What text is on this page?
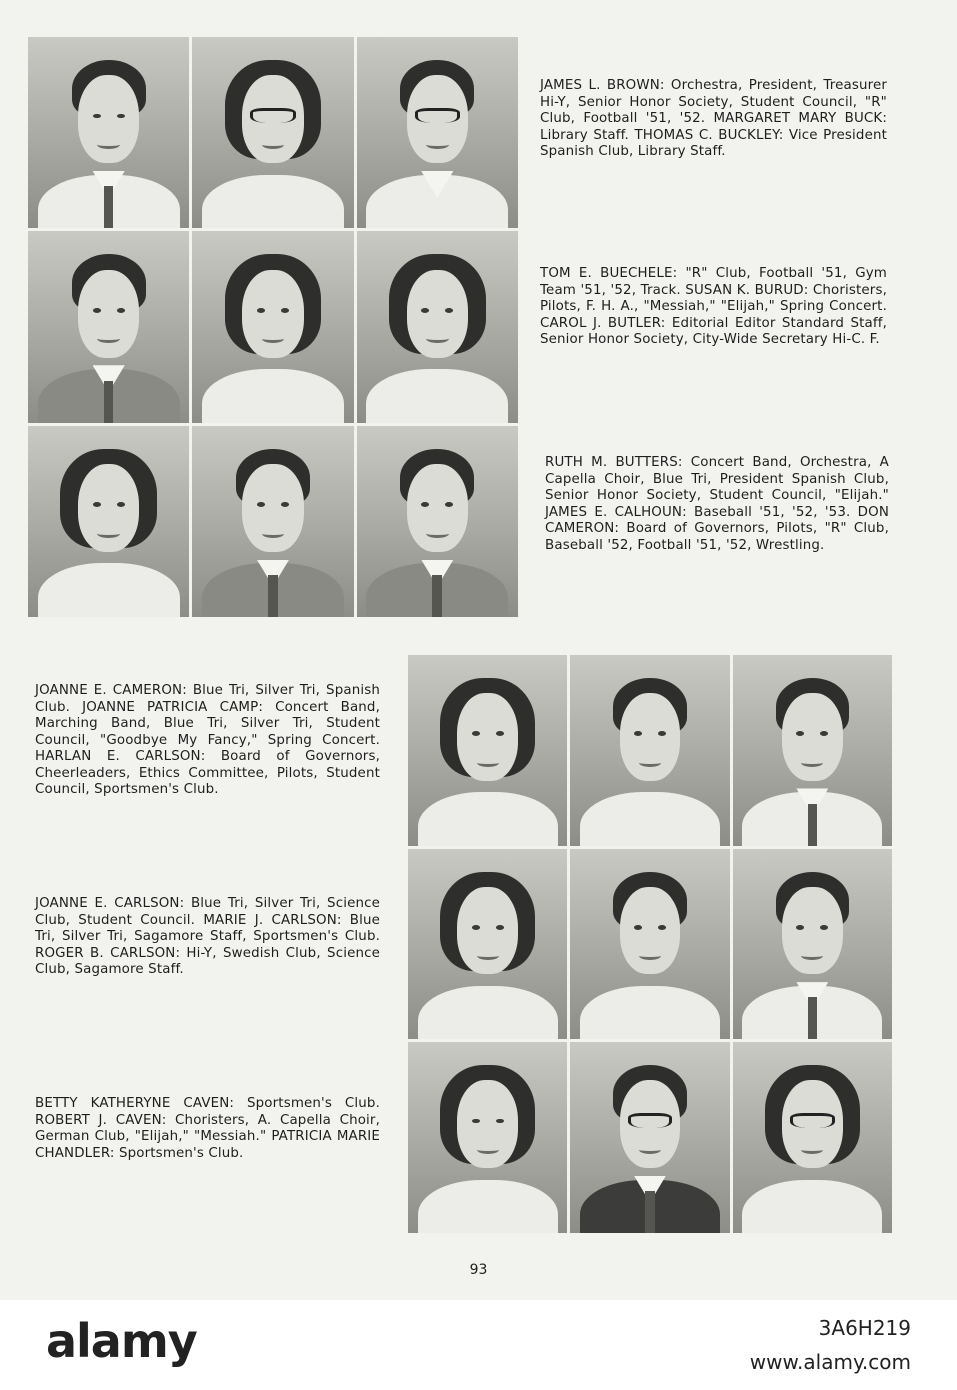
JAMES L. BROWN: Orchestra, President, Treasurer Hi-Y, Senior Honor Society, Student Council, "R" Club, Football '51, '52. MARGARET MARY BUCK: Library Staff. THOMAS C. BUCKLEY: Vice President Spanish Club, Library Staff.

TOM E. BUECHELE: "R" Club, Football '51, Gym Team '51, '52, Track. SUSAN K. BURUD: Choristers, Pilots, F. H. A., "Messiah," "Elijah," Spring Concert. CAROL J. BUTLER: Editorial Editor Standard Staff, Senior Honor Society, City-Wide Secretary Hi-C. F.

RUTH M. BUTTERS: Concert Band, Orchestra, A Capella Choir, Blue Tri, President Spanish Club, Senior Honor Society, Student Council, "Elijah." JAMES E. CALHOUN: Baseball '51, '52, '53. DON CAMERON: Board of Governors, Pilots, "R" Club, Baseball '52, Football '51, '52, Wrestling.

JOANNE E. CAMERON: Blue Tri, Silver Tri, Spanish Club. JOANNE PATRICIA CAMP: Concert Band, Marching Band, Blue Tri, Silver Tri, Student Council, "Goodbye My Fancy," Spring Concert. HARLAN E. CARLSON: Board of Governors, Cheerleaders, Ethics Committee, Pilots, Student Council, Sportsmen's Club.

JOANNE E. CARLSON: Blue Tri, Silver Tri, Science Club, Student Council. MARIE J. CARLSON: Blue Tri, Silver Tri, Sagamore Staff, Sportsmen's Club. ROGER B. CARLSON: Hi-Y, Swedish Club, Science Club, Sagamore Staff.

BETTY KATHERYNE CAVEN: Sportsmen's Club. ROBERT J. CAVEN: Choristers, A. Capella Choir, German Club, "Elijah," "Messiah." PATRICIA MARIE CHANDLER: Sportsmen's Club.

93
alamy	3A6H219
www.alamy.com
